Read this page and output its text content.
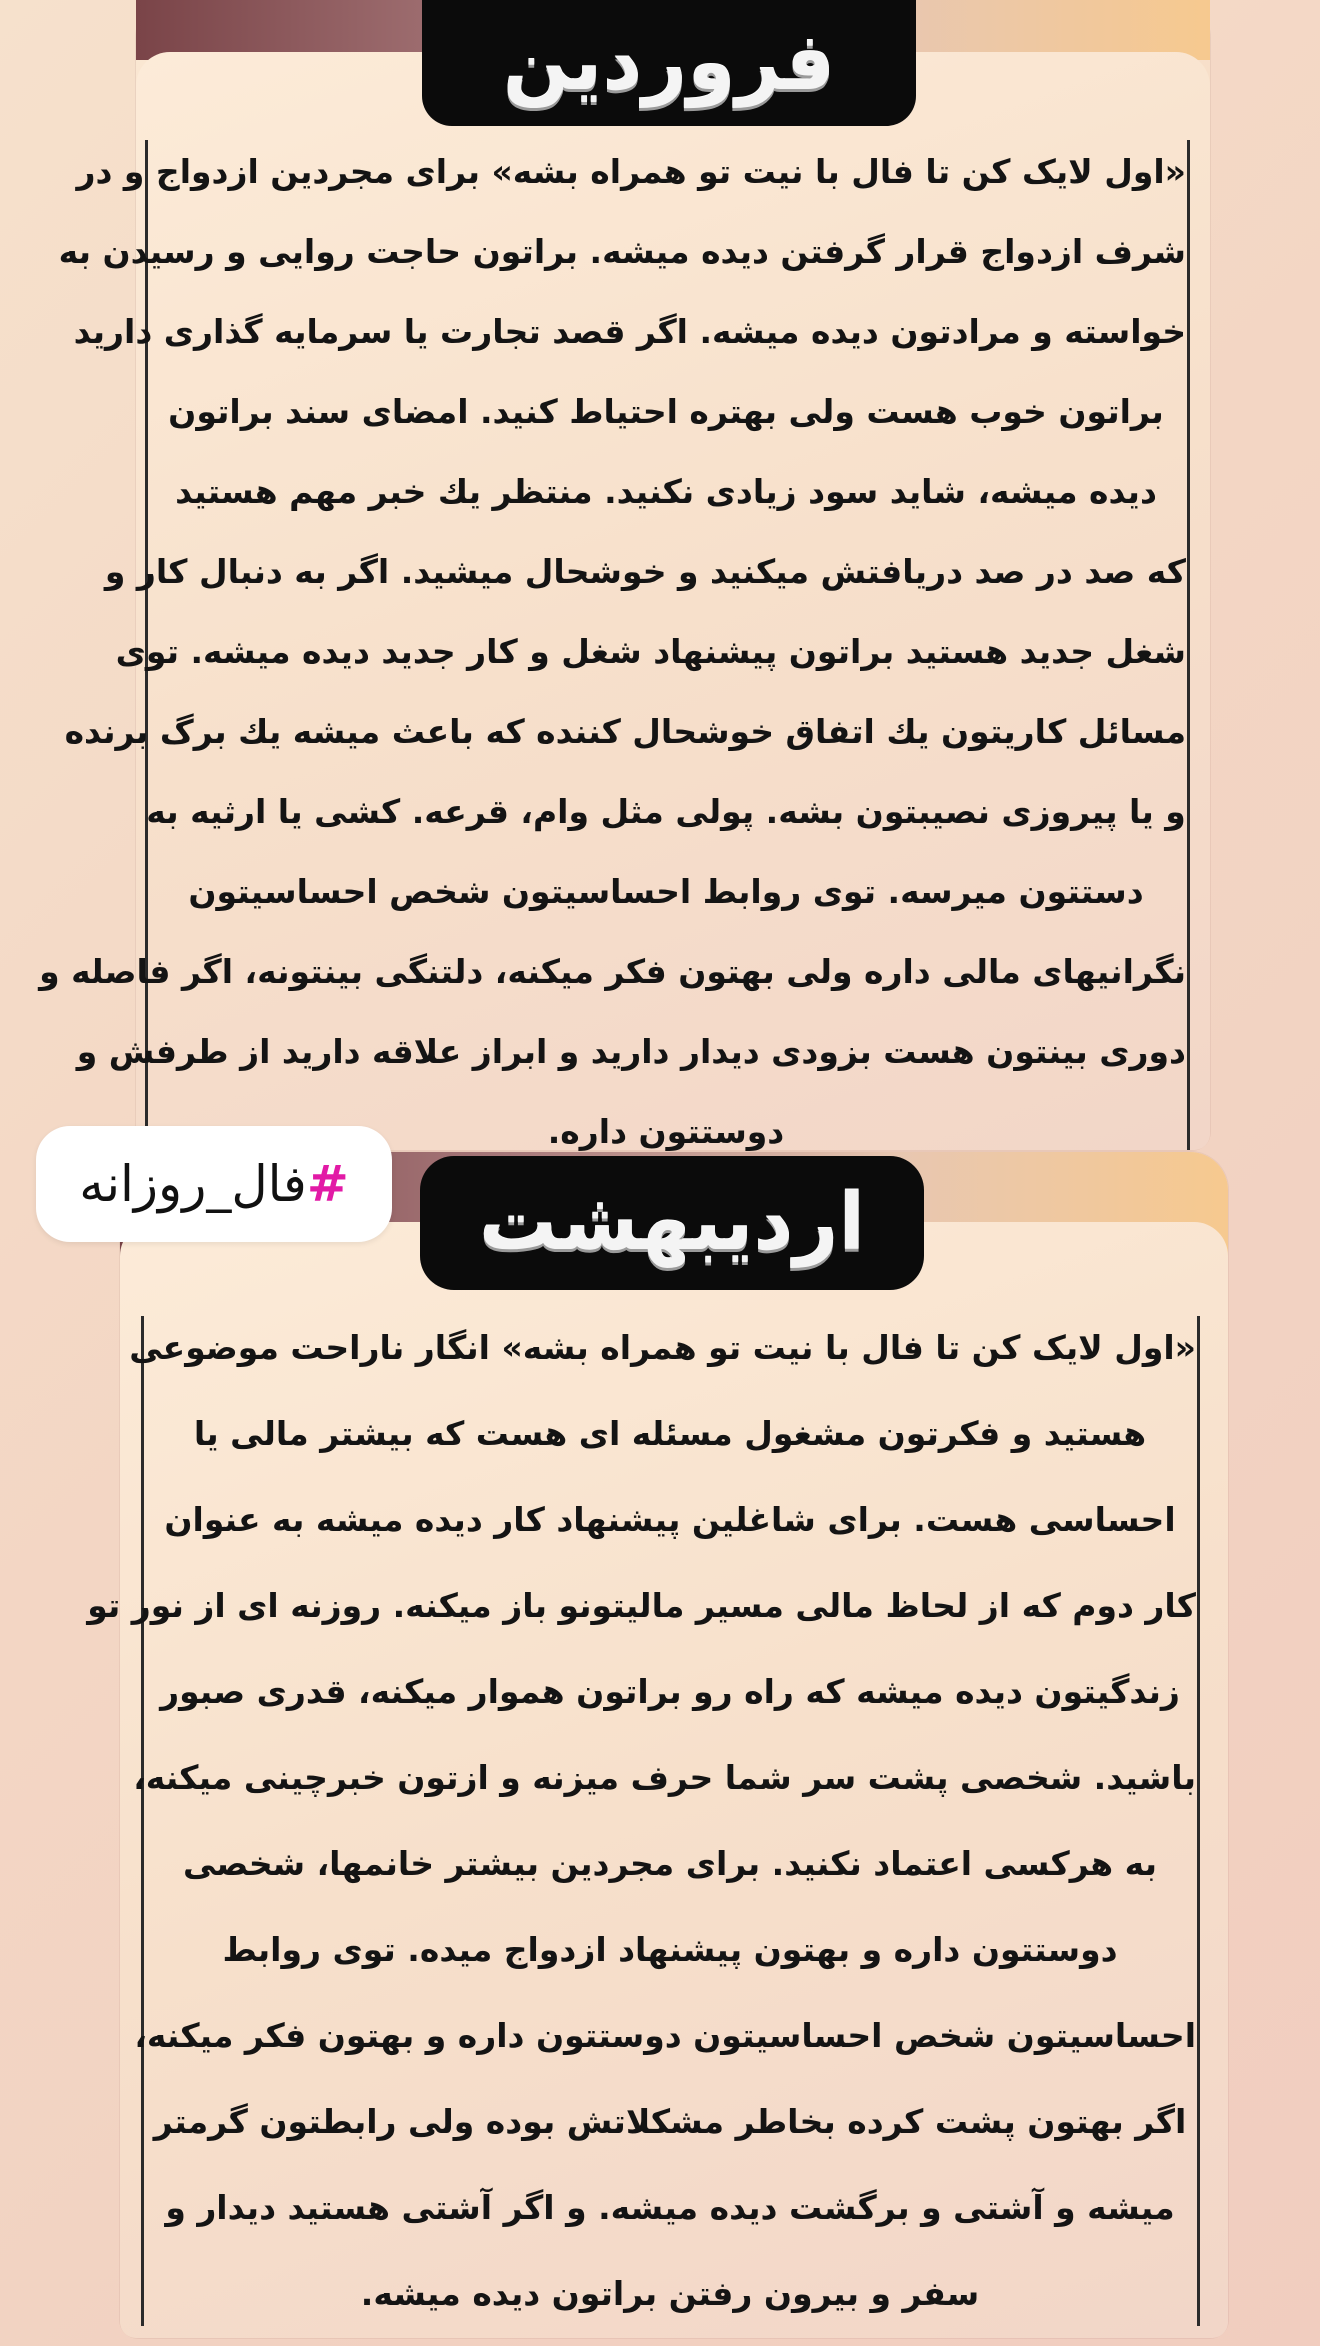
فروردین
«اول لایک کن تا فال با نیت تو همراه بشه» برای مجردین ازدواج و در
شرف ازدواج قرار گرفتن دیده میشه. براتون حاجت روایی و رسیدن به
خواسته و مرادتون دیده میشه. اگر قصد تجارت یا سرمایه گذاری دارید
براتون خوب هست ولی بهتره احتیاط کنید. امضای سند براتون
دیده میشه، شاید سود زیادی نکنید. منتظر یك خبر مهم هستید
که صد در صد دریافتش میکنید و خوشحال میشید. اگر به دنبال کار و
شغل جدید هستید براتون پیشنهاد شغل و کار جدید دیده میشه. توی
مسائل کاریتون یك اتفاق خوشحال کننده که باعث میشه یك برگ برنده
و یا پیروزی نصیبتون بشه. پولی مثل وام، قرعه. کشی یا ارثیه به
دستتون میرسه. توی روابط احساسیتون شخص احساسیتون
نگرانیهای مالی داره ولی بهتون فکر میکنه، دلتنگی بینتونه، اگر فاصله و
دوری بینتون هست بزودی دیدار دارید و ابراز علاقه دارید از طرفش و
دوستتون داره.
اردیبهشت
«اول لایک کن تا فال با نیت تو همراه بشه» انگار ناراحت موضوعی
هستید و فکرتون مشغول مسئله ای هست که بیشتر مالی یا
احساسی هست. برای شاغلین پیشنهاد کار دیده میشه به عنوان
کار دوم که از لحاظ مالی مسیر مالیتونو باز میکنه. روزنه ای از نور تو
زندگیتون دیده میشه که راه رو براتون هموار میکنه، قدری صبور
باشید. شخصی پشت سر شما حرف میزنه و ازتون خبرچینی میکنه،
به هرکسی اعتماد نکنید. برای مجردین بیشتر خانمها، شخصی
دوستتون داره و بهتون پیشنهاد ازدواج میده. توی روابط
احساسیتون شخص احساسیتون دوستتون داره و بهتون فکر میکنه،
اگر بهتون پشت کرده بخاطر مشکلاتش بوده ولی رابطتون گرمتر
میشه و آشتی و برگشت دیده میشه. و اگر آشتی هستید دیدار و
سفر و بیرون رفتن براتون دیده میشه.
#
فال_روزانه
